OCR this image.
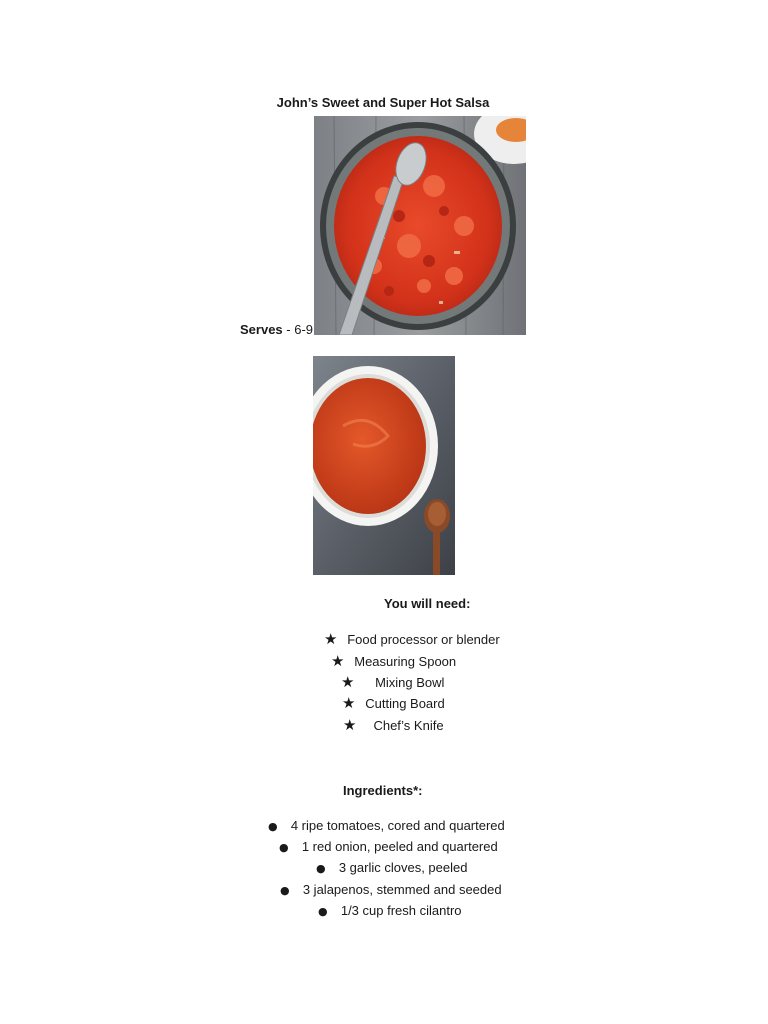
John’s Sweet and Super Hot Salsa
Serves - 6-9
You will need:
★ Food processor or blender
★ Measuring Spoon
★ Mixing Bowl
★ Cutting Board
★ Chef’s Knife
Ingredients*:
● 4 ripe tomatoes, cored and quartered
● 1 red onion, peeled and quartered
● 3 garlic cloves, peeled
● 3 jalapenos, stemmed and seeded
● 1/3 cup fresh cilantro
